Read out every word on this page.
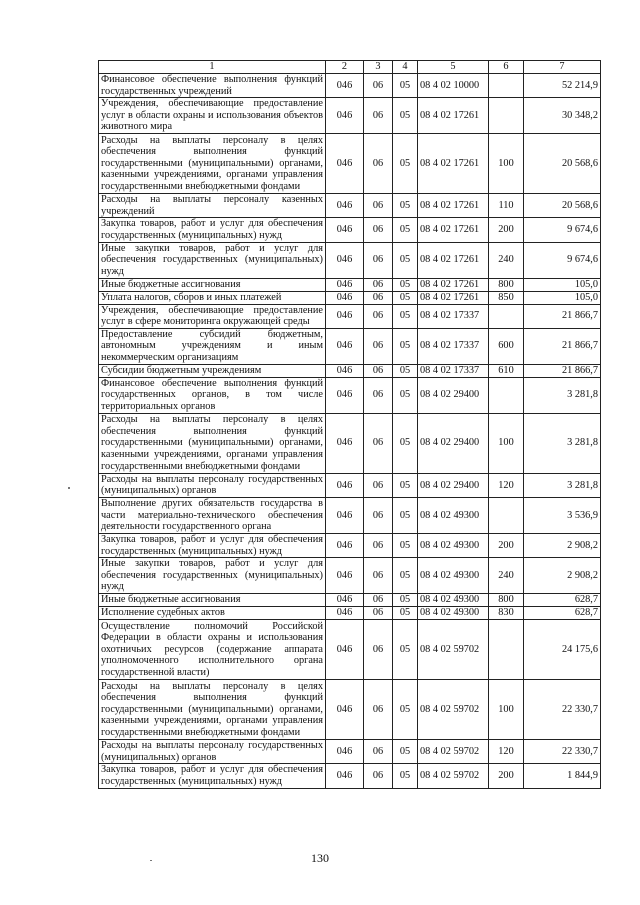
1	2	3	4	5	6	7
Финансовое обеспечение выполнения функций государственных учреждений	046	06	05	08 4 02 10000		52 214,9
Учреждения, обеспечивающие предоставление услуг в области охраны и использования объектов животного мира	046	06	05	08 4 02 17261		30 348,2
Расходы на выплаты персоналу в целях обеспечения выполнения функций государственными (муниципальными) органами, казенными учреждениями, органами управления государственными внебюджетными фондами	046	06	05	08 4 02 17261	100	20 568,6
Расходы на выплаты персоналу казенных учреждений	046	06	05	08 4 02 17261	110	20 568,6
Закупка товаров, работ и услуг для обеспечения государственных (муниципальных) нужд	046	06	05	08 4 02 17261	200	9 674,6
Иные закупки товаров, работ и услуг для обеспечения государственных (муниципальных) нужд	046	06	05	08 4 02 17261	240	9 674,6
Иные бюджетные ассигнования	046	06	05	08 4 02 17261	800	105,0
Уплата налогов, сборов и иных платежей	046	06	05	08 4 02 17261	850	105,0
Учреждения, обеспечивающие предоставление услуг в сфере мониторинга окружающей среды	046	06	05	08 4 02 17337		21 866,7
Предоставление субсидий бюджетным, автономным учреждениям и иным некоммерческим организациям	046	06	05	08 4 02 17337	600	21 866,7
Субсидии бюджетным учреждениям	046	06	05	08 4 02 17337	610	21 866,7
Финансовое обеспечение выполнения функций государственных органов, в том числе территориальных органов	046	06	05	08 4 02 29400		3 281,8
Расходы на выплаты персоналу в целях обеспечения выполнения функций государственными (муниципальными) органами, казенными учреждениями, органами управления государственными внебюджетными фондами	046	06	05	08 4 02 29400	100	3 281,8
Расходы на выплаты персоналу государственных (муниципальных) органов	046	06	05	08 4 02 29400	120	3 281,8
Выполнение других обязательств государства в части материально-технического обеспечения деятельности государственного органа	046	06	05	08 4 02 49300		3 536,9
Закупка товаров, работ и услуг для обеспечения государственных (муниципальных) нужд	046	06	05	08 4 02 49300	200	2 908,2
Иные закупки товаров, работ и услуг для обеспечения государственных (муниципальных) нужд	046	06	05	08 4 02 49300	240	2 908,2
Иные бюджетные ассигнования	046	06	05	08 4 02 49300	800	628,7
Исполнение судебных актов	046	06	05	08 4 02 49300	830	628,7
Осуществление полномочий Российской Федерации в области охраны и использования охотничьих ресурсов (содержание аппарата уполномоченного исполнительного органа государственной власти)	046	06	05	08 4 02 59702		24 175,6
Расходы на выплаты персоналу в целях обеспечения выполнения функций государственными (муниципальными) органами, казенными учреждениями, органами управления государственными внебюджетными фондами	046	06	05	08 4 02 59702	100	22 330,7
Расходы на выплаты персоналу государственных (муниципальных) органов	046	06	05	08 4 02 59702	120	22 330,7
Закупка товаров, работ и услуг для обеспечения государственных (муниципальных) нужд	046	06	05	08 4 02 59702	200	1 844,9
130
